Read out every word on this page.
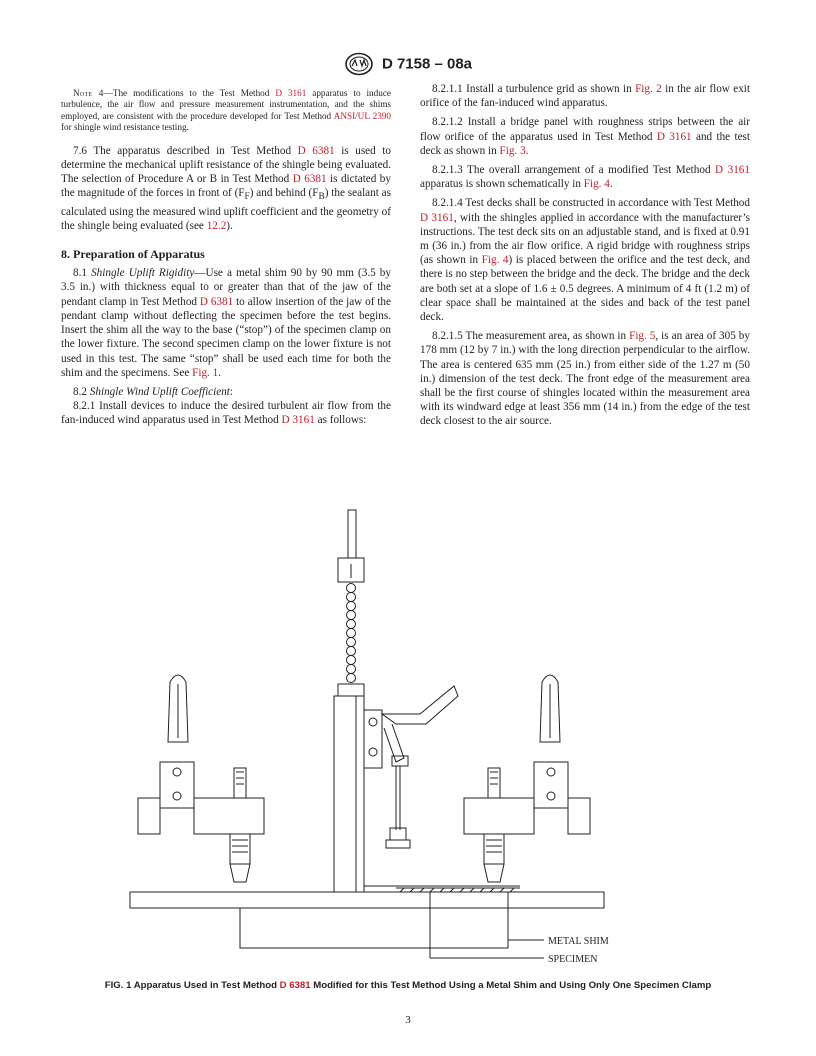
D 7158 – 08a
Note 4—The modifications to the Test Method D 3161 apparatus to induce turbulence, the air flow and pressure measurement instrumentation, and the shims employed, are consistent with the procedure developed for Test Method ANSI/UL 2390 for shingle wind resistance testing.

7.6 The apparatus described in Test Method D 6381 is used to determine the mechanical uplift resistance of the shingle being evaluated. The selection of Procedure A or B in Test Method D 6381 is dictated by the magnitude of the forces in front of $(F_F)$ and behind $(F_B)$ the sealant as calculated using the measured wind uplift coefficient and the geometry of the shingle being evaluated (see 12.2).

8. Preparation of Apparatus

8.1 Shingle Uplift Rigidity—Use a metal shim 90 by 90 mm (3.5 by 3.5 in.) with thickness equal to or greater than that of the jaw of the pendant clamp in Test Method D 6381 to allow insertion of the jaw of the pendant clamp without deflecting the specimen before the test begins. Insert the shim all the way to the base (“stop”) of the specimen clamp on the lower fixture. The second specimen clamp on the lower fixture is not used in this test. The same “stop” shall be used each time for both the shim and the specimens. See Fig. 1.

8.2 Shingle Wind Uplift Coefficient:

8.2.1 Install devices to induce the desired turbulent air flow from the fan-induced wind apparatus used in Test Method D 3161 as follows:

8.2.1.1 Install a turbulence grid as shown in Fig. 2 in the air flow exit orifice of the fan-induced wind apparatus.

8.2.1.2 Install a bridge panel with roughness strips between the air flow orifice of the apparatus used in Test Method D 3161 and the test deck as shown in Fig. 3.

8.2.1.3 The overall arrangement of a modified Test Method D 3161 apparatus is shown schematically in Fig. 4.

8.2.1.4 Test decks shall be constructed in accordance with Test Method D 3161, with the shingles applied in accordance with the manufacturer’s instructions. The test deck sits on an adjustable stand, and is fixed at 0.91 m (36 in.) from the air flow orifice. A rigid bridge with roughness strips (as shown in Fig. 4) is placed between the orifice and the test deck, and there is no step between the bridge and the deck. The bridge and the deck are both set at a slope of 1.6 ± 0.5 degrees. A minimum of 4 ft (1.2 m) of clear space shall be maintained at the sides and back of the test panel deck.

8.2.1.5 The measurement area, as shown in Fig. 5, is an area of 305 by 178 mm (12 by 7 in.) with the long direction perpendicular to the airflow. The area is centered 635 mm (25 in.) from either side of the 1.27 m (50 in.) dimension of the test deck. The front edge of the measurement area shall be the first course of shingles located within the measurement area with its windward edge at least 356 mm (14 in.) from the edge of the test deck closest to the air source.

METAL SHIM
SPECIMEN
FIG. 1 Apparatus Used in Test Method D 6381 Modified for this Test Method Using a Metal Shim and Using Only One Specimen Clamp
3
